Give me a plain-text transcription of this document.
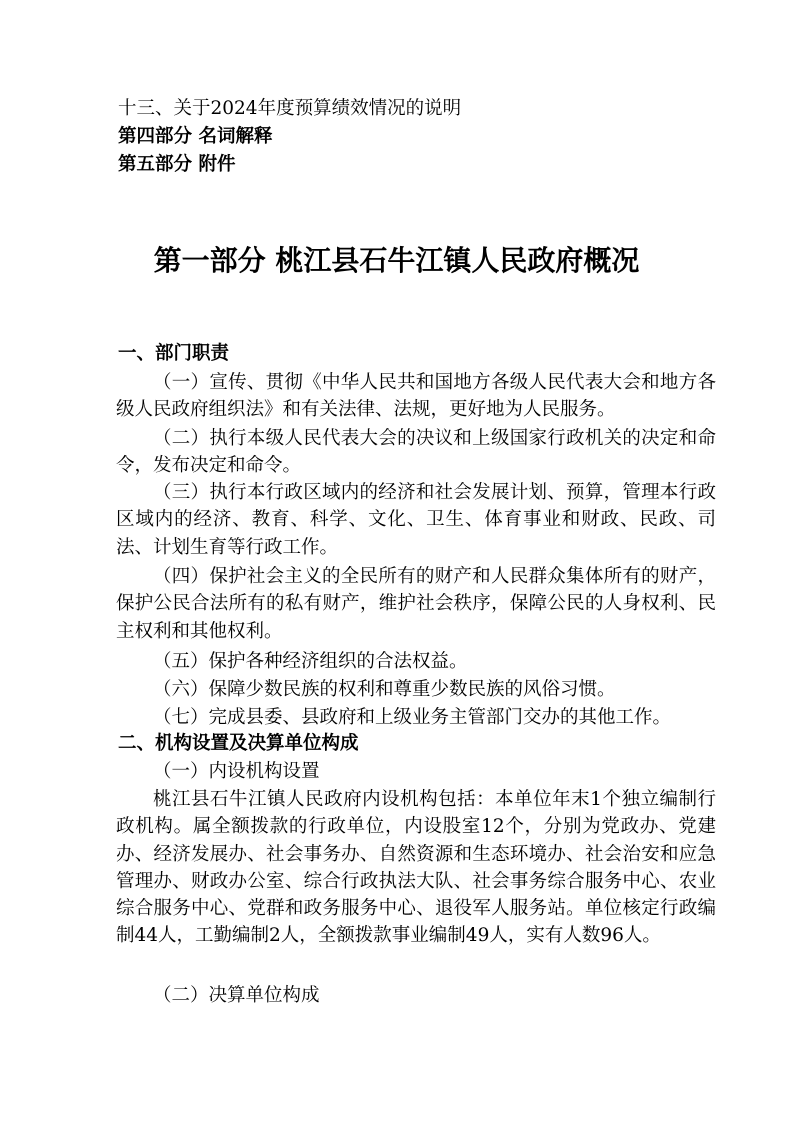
十三、关于2024年度预算绩效情况的说明
第四部分 名词解释
第五部分 附件
第一部分 桃江县石牛江镇人民政府概况
一、部门职责
（一）宣传、贯彻《中华人民共和国地方各级人民代表大会和地方各级人民政府组织法》和有关法律、法规，更好地为人民服务。
（二）执行本级人民代表大会的决议和上级国家行政机关的决定和命令，发布决定和命令。
（三）执行本行政区域内的经济和社会发展计划、预算，管理本行政区域内的经济、教育、科学、文化、卫生、体育事业和财政、民政、司法、计划生育等行政工作。
（四）保护社会主义的全民所有的财产和人民群众集体所有的财产，保护公民合法所有的私有财产，维护社会秩序，保障公民的人身权利、民主权利和其他权利。
（五）保护各种经济组织的合法权益。
（六）保障少数民族的权利和尊重少数民族的风俗习惯。
（七）完成县委、县政府和上级业务主管部门交办的其他工作。
二、机构设置及决算单位构成
（一）内设机构设置
桃江县石牛江镇人民政府内设机构包括：本单位年末1个独立编制行政机构。属全额拨款的行政单位，内设股室12个，分别为党政办、党建办、经济发展办、社会事务办、自然资源和生态环境办、社会治安和应急管理办、财政办公室、综合行政执法大队、社会事务综合服务中心、农业综合服务中心、党群和政务服务中心、退役军人服务站。单位核定行政编制44人，工勤编制2人，全额拨款事业编制49人，实有人数96人。
（二）决算单位构成
